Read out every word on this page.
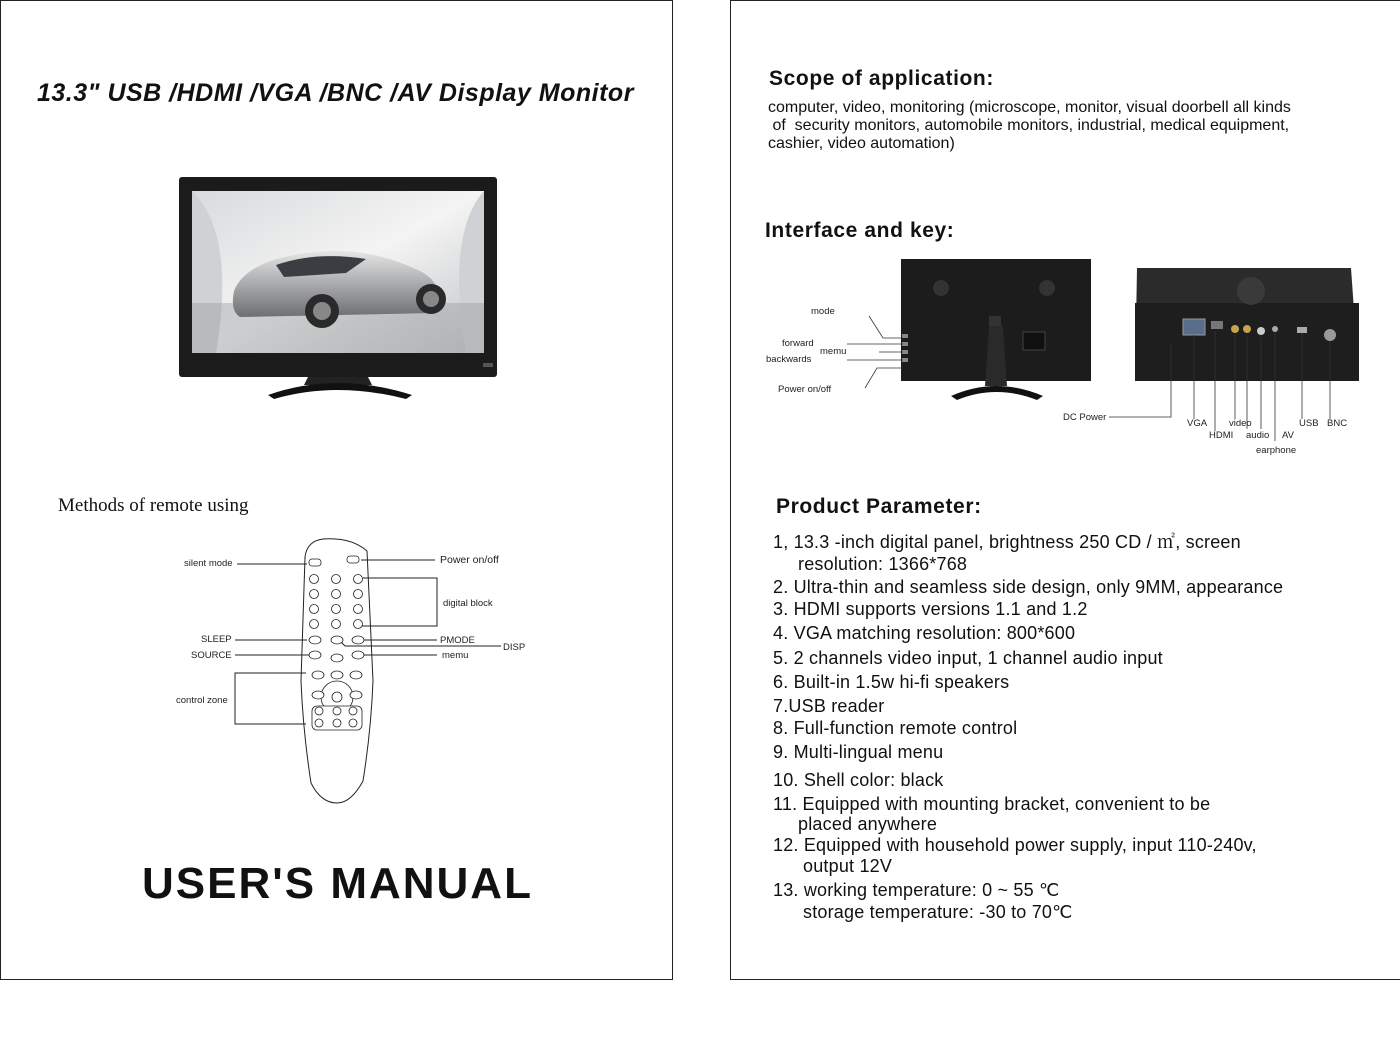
13.3" USB /HDMI /VGA /BNC /AV Display Monitor
Methods of remote using
silent mode	Power on/off
digital block
SLEEP
SOURCE
PMODE
DISP
memu
control zone
USER'S MANUAL
Scope of application:
computer, video, monitoring (microscope, monitor, visual doorbell all kinds
of  security monitors, automobile monitors, industrial, medical equipment,
cashier, video automation)
Interface and key:
mode
forward
memu
backwards
Power on/off
DC Power
VGA
HDMI
video
audio AV
earphone
USB BNC
Product Parameter:
1, 13.3 -inch digital panel, brightness 250 CD / ㎡, screen
resolution: 1366*768
2. Ultra-thin and seamless side design, only 9MM, appearance
3. HDMI supports versions 1.1 and 1.2
4. VGA matching resolution: 800*600
5. 2 channels video input, 1 channel audio input
6. Built-in 1.5w hi-fi speakers
7.USB reader
8. Full-function remote control
9. Multi-lingual menu
10. Shell color: black
11. Equipped with mounting bracket, convenient to be
placed anywhere
12. Equipped with household power supply, input 110-240v,
output 12V
13. working temperature: 0 ~ 55 ℃
storage temperature: -30 to 70℃
